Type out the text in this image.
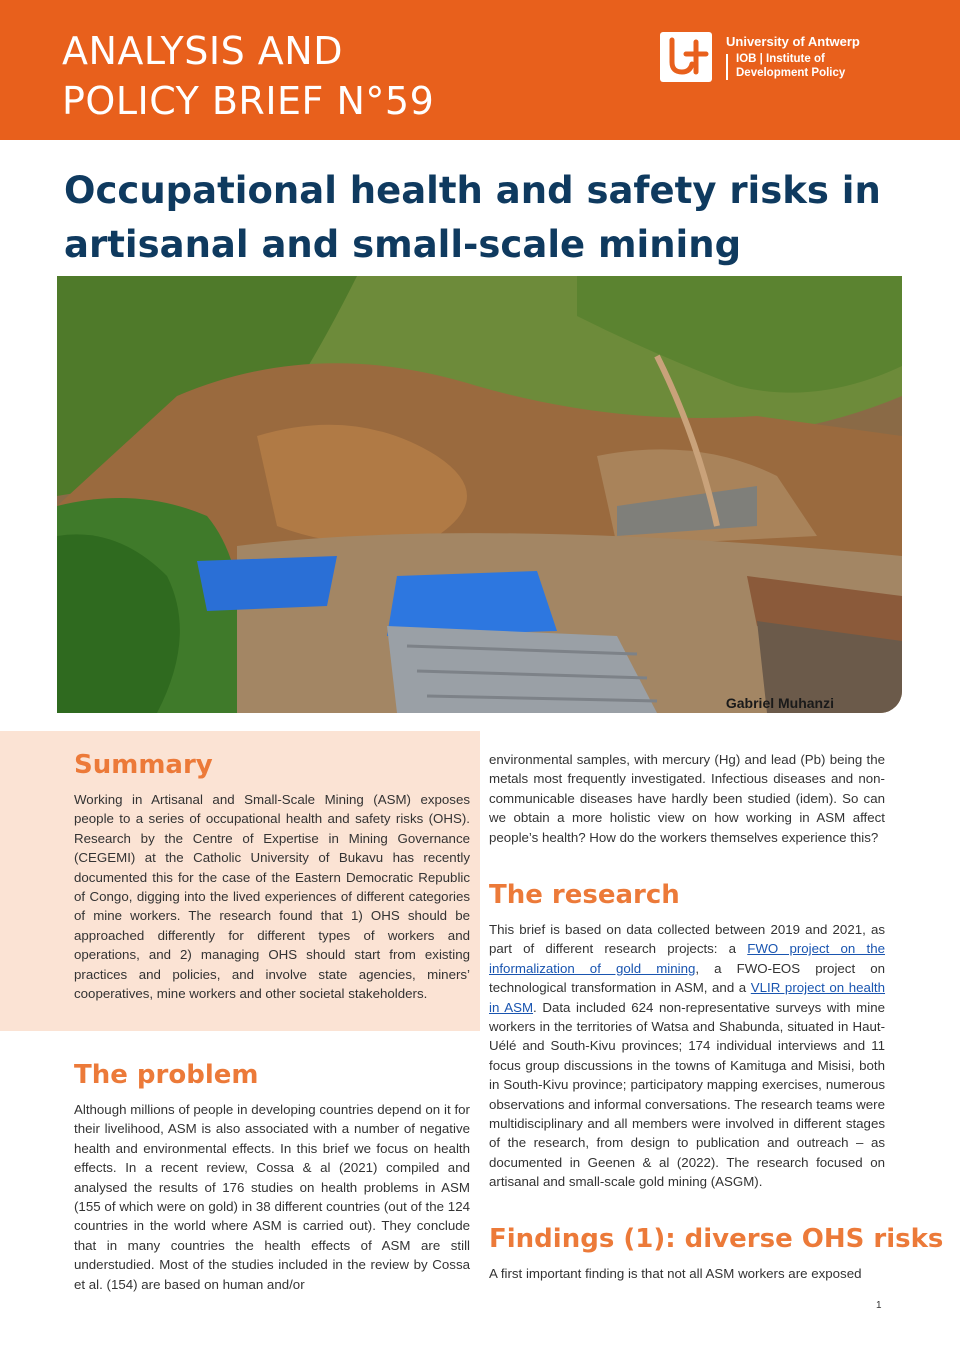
ANALYSIS AND
POLICY BRIEF N°59
University of Antwerp
IOB | Institute of
Development Policy
Occupational health and safety risks in
artisanal and small-scale mining
Gabriel Muhanzi
Summary

Working in Artisanal and Small-Scale Mining (ASM) exposes people to a series of occupational health and safety risks (OHS). Research by the Centre of Expertise in Mining Governance (CEGEMI) at the Catholic University of Bukavu has recently documented this for the case of the Eastern Democratic Republic of Congo, digging into the lived experiences of different categories of mine workers. The research found that 1) OHS should be approached differently for different types of workers and operations, and 2) managing OHS should start from existing practices and policies, and involve state agencies, miners’ cooperatives, mine workers and other societal stakeholders.

The problem

Although millions of people in developing countries depend on it for their livelihood, ASM is also associated with a number of negative health and environmental effects. In this brief we focus on health effects. In a recent review, Cossa & al (2021) compiled and analysed the results of 176 studies on health problems in ASM (155 of which were on gold) in 38 different countries (out of the 124 countries in the world where ASM is carried out). They conclude that in many countries the health effects of ASM are still understudied. Most of the studies included in the review by Cossa et al. (154) are based on human and/or

environmental samples, with mercury (Hg) and lead (Pb) being the metals most frequently investigated. Infectious diseases and non-communicable diseases have hardly been studied (idem). So can we obtain a more holistic view on how working in ASM affect people’s health? How do the workers themselves experience this?

The research

This brief is based on data collected between 2019 and 2021, as part of different research projects: a FWO project on the informalization of gold mining, a FWO-EOS project on technological transformation in ASM, and a VLIR project on health in ASM. Data included 624 non-representative surveys with mine workers in the territories of Watsa and Shabunda, situated in Haut-Uélé and South-Kivu provinces; 174 individual interviews and 11 focus group discussions in the towns of Kamituga and Misisi, both in South-Kivu province; participatory mapping exercises, numerous observations and informal conversations. The research teams were multidisciplinary and all members were involved in different stages of the research, from design to publication and outreach – as documented in Geenen & al (2022). The research focused on artisanal and small-scale gold mining (ASGM).

Findings (1): diverse OHS risks

A first important finding is that not all ASM workers are exposed

1
